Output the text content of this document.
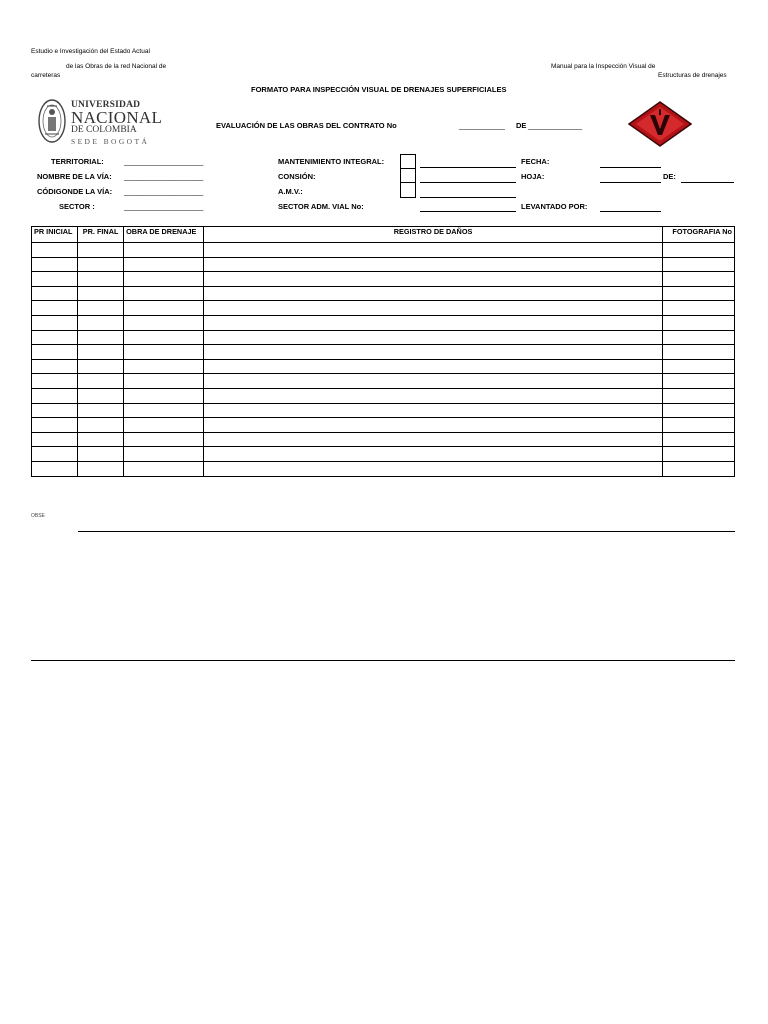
Estudio e Investigación del Estado Actual
de las Obras de la red Nacional de
carreteras
Manual para la Inspección Visual de
Estructuras de drenajes
FORMATO PARA INSPECCIÓN VISUAL DE DRENAJES SUPERFICIALES
UNIVERSIDAD
NACIONAL
DE COLOMBIA
SEDE BOGOTÁ
EVALUACIÓN DE LAS OBRAS DEL CONTRATO No	___________ DE _____________
TERRITORIAL:	___________________
NOMBRE DE LA VÍA: ___________________
CÓDIGONDE LA VÍA: ___________________
SECTOR :	___________________
MANTENIMIENTO INTEGRAL:
CONSIÓN:
A.M.V.:
SECTOR ADM. VIAL No:
FECHA:
HOJA:	DE:
LEVANTADO POR:
PR INICIAL	PR. FINAL	OBRA DE DRENAJE	REGISTRO DE DAÑOS	FOTOGRAFIA No

OBSE
